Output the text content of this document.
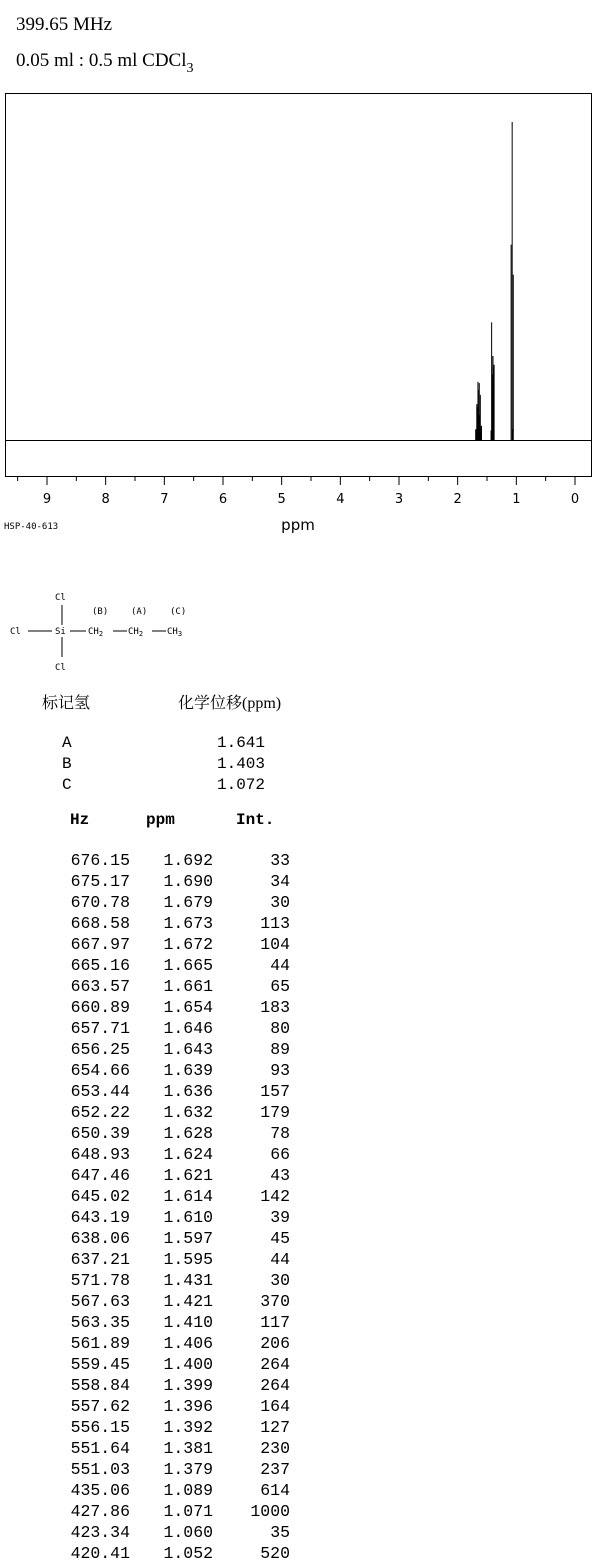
399.65 MHz
0.05 ml : 0.5 ml CDCl$_3$
9	8	7	6	5	4	3	2	1	0
ppm
HSP-40-613
Cl
Cl	Si
(B)
$CH_2$
(A)
$CH_2$
(C)
$CH_3$
Cl
标记氢	化学位移(ppm)
A	1.641
B	1.403
C	1.072
Hz	ppm	Int.
676.15 1.692	33
675.17 1.690	34
670.78 1.679	30
668.58 1.673	113
667.97 1.672	104
665.16 1.665	44
663.57 1.661	65
660.89 1.654	183
657.71 1.646	80
656.25 1.643	89
654.66 1.639	93
653.44 1.636	157
652.22 1.632	179
650.39 1.628	78
648.93 1.624	66
647.46 1.621	43
645.02 1.614	142
643.19 1.610	39
638.06 1.597	45
637.21 1.595	44
571.78 1.431	30
567.63 1.421	370
563.35 1.410	117
561.89 1.406	206
559.45 1.400	264
558.84 1.399	264
557.62 1.396	164
556.15 1.392	127
551.64 1.381	230
551.03 1.379	237
435.06 1.089	614
427.86 1.071 1000
423.34 1.060	35
420.41 1.052	520
